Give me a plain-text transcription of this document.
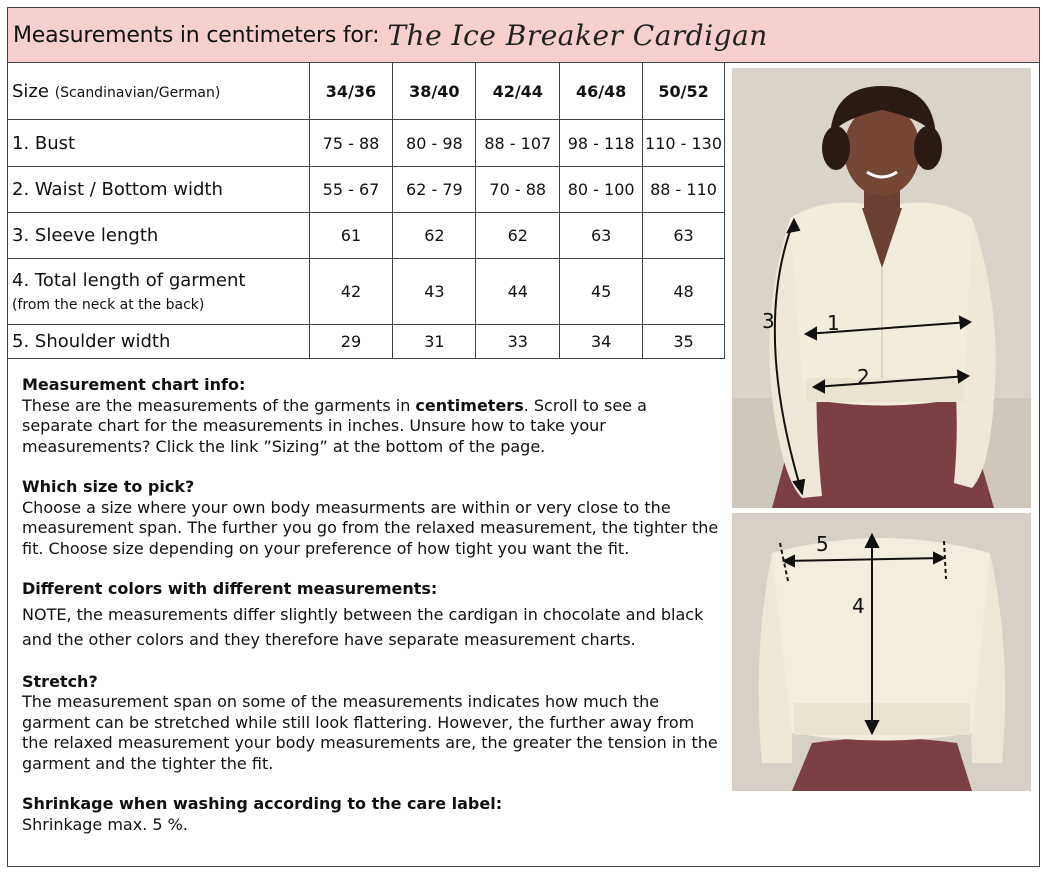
Measurements in centimeters for: The Ice Breaker Cardigan
Size (Scandinavian/German)	34/36	38/40	42/44	46/48	50/52
1. Bust	75 - 88	80 - 98	88 - 107	98 - 118	110 - 130
2. Waist / Bottom width	55 - 67	62 - 79	70 - 88	80 - 100	88 - 110
3. Sleeve length	61	62	62	63	63
4. Total length of garment
(from the neck at the back)	42	43	44	45	48
5. Shoulder width	29	31	33	34	35
Measurement chart info:

These are the measurements of the garments in centimeters. Scroll to see a separate chart for the measurements in inches. Unsure how to take your measurements? Click the link ”Sizing” at the bottom of the page.

Which size to pick?

Choose a size where your own body measurments are within or very close to the measurement span. The further you go from the relaxed measurement, the tighter the fit. Choose size depending on your preference of how tight you want the fit.

Different colors with different measurements:

NOTE, the measurements differ slightly between the cardigan in chocolate and black and the other colors and they therefore have separate measurement charts.

Stretch?

The measurement span on some of the measurements indicates how much the garment can be stretched while still look flattering. However, the further away from the relaxed measurement your body measurements are, the greater the tension in the garment and the tighter the fit.

Shrinkage when washing according to the care label:

Shrinkage max. 5 %.

1
2
3
4
5
